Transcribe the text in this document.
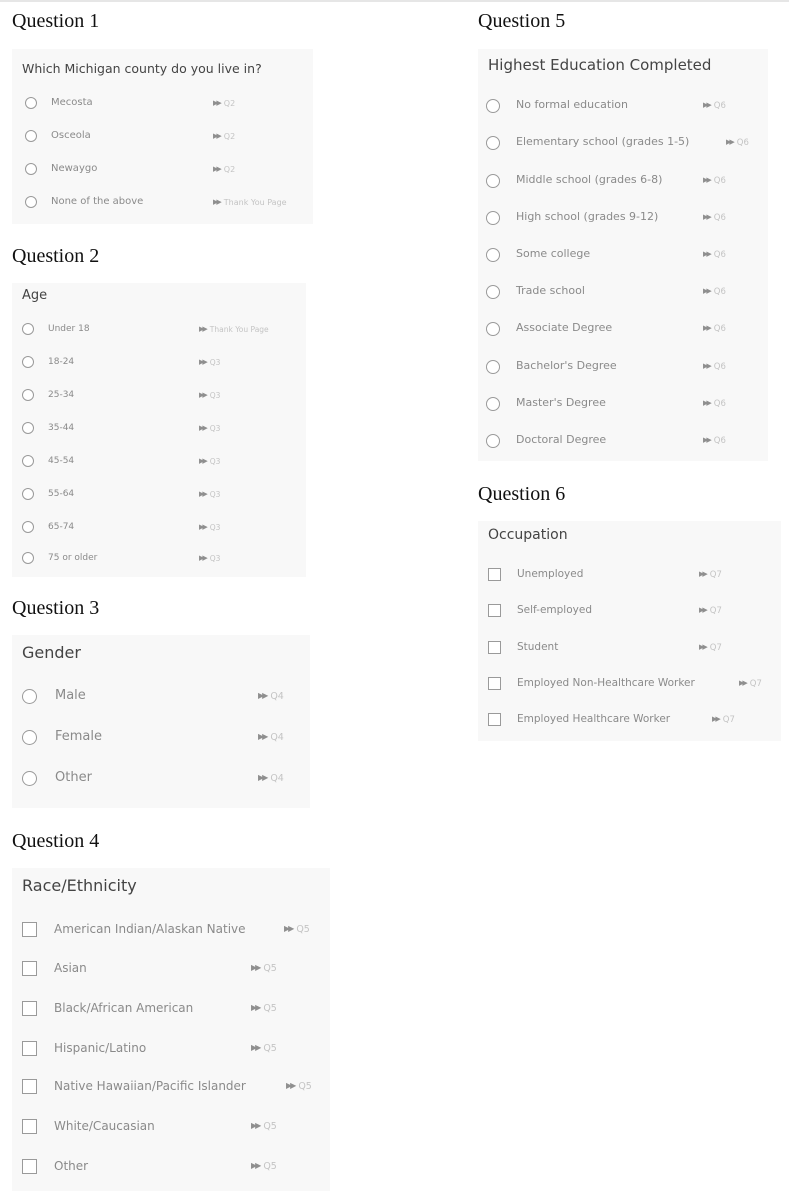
Question 1
Which Michigan county do you live in?
Mecosta	▶▶ Q2
Osceola	▶▶ Q2
Newaygo	▶▶ Q2
None of the above	▶▶ Thank You Page
Question 2
Age
Under 18	▶▶ Thank You Page
18-24	▶▶ Q3
25-34	▶▶ Q3
35-44	▶▶ Q3
45-54	▶▶ Q3
55-64	▶▶ Q3
65-74	▶▶ Q3
75 or older	▶▶ Q3
Question 3
Gender
Male	▶▶ Q4
Female	▶▶ Q4
Other	▶▶ Q4
Question 4
Race/Ethnicity
American Indian/Alaskan Native	▶▶ Q5
Asian	▶▶ Q5
Black/African American	▶▶ Q5
Hispanic/Latino	▶▶ Q5
Native Hawaiian/Pacific Islander	▶▶ Q5
White/Caucasian	▶▶ Q5
Other	▶▶ Q5
Question 5
Highest Education Completed
No formal education	▶▶ Q6
Elementary school (grades 1-5)	▶▶ Q6
Middle school (grades 6-8)	▶▶ Q6
High school (grades 9-12)	▶▶ Q6
Some college	▶▶ Q6
Trade school	▶▶ Q6
Associate Degree	▶▶ Q6
Bachelor's Degree	▶▶ Q6
Master's Degree	▶▶ Q6
Doctoral Degree	▶▶ Q6
Question 6
Occupation
Unemployed	▶▶ Q7
Self-employed	▶▶ Q7
Student	▶▶ Q7
Employed Non-Healthcare Worker	▶▶ Q7
Employed Healthcare Worker	▶▶ Q7
